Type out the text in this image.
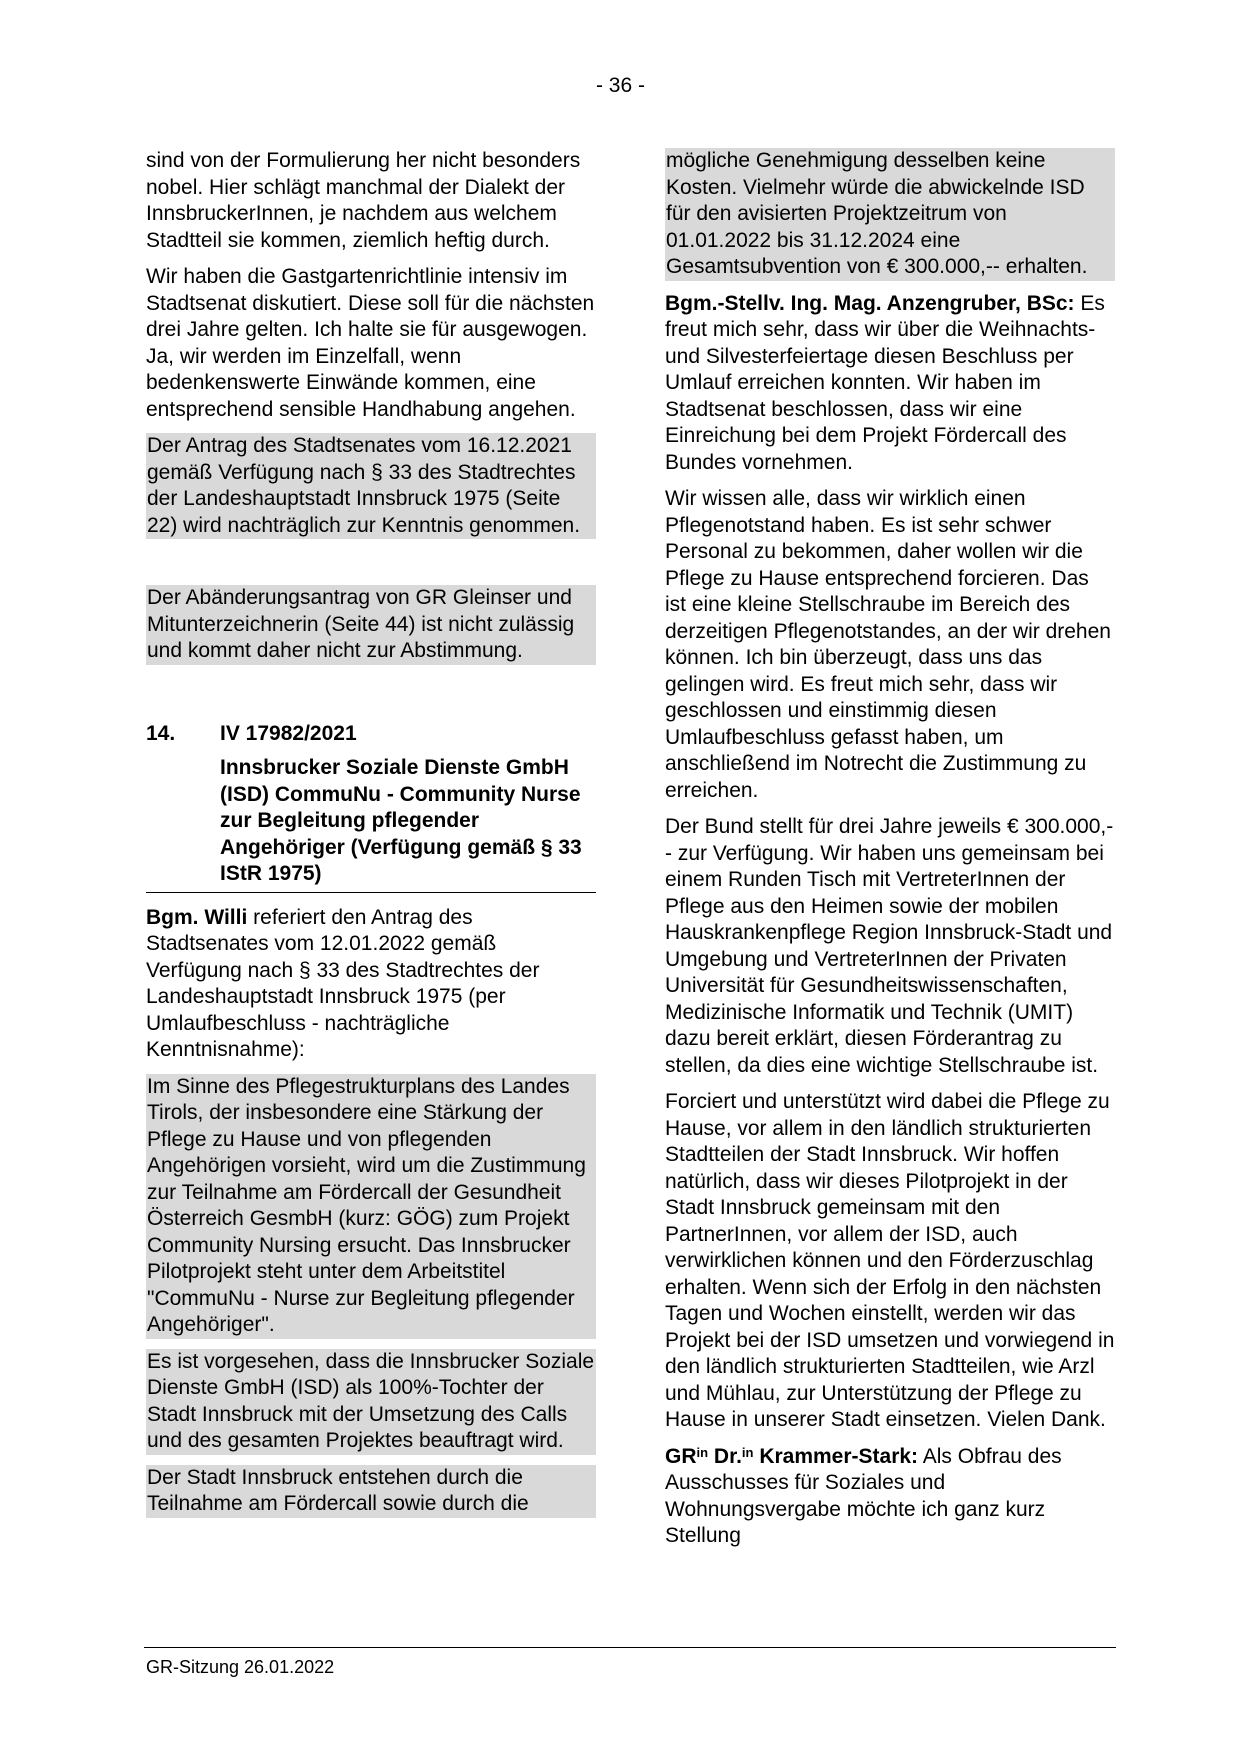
- 36 -

sind von der Formulierung her nicht besonders nobel. Hier schlägt manchmal der Dialekt der InnsbruckerInnen, je nachdem aus welchem Stadtteil sie kommen, ziemlich heftig durch.

Wir haben die Gastgartenrichtlinie intensiv im Stadtsenat diskutiert. Diese soll für die nächsten drei Jahre gelten. Ich halte sie für ausgewogen. Ja, wir werden im Einzelfall, wenn bedenkenswerte Einwände kommen, eine entsprechend sensible Handhabung angehen.

Der Antrag des Stadtsenates vom 16.12.2021 gemäß Verfügung nach § 33 des Stadtrechtes der Landeshauptstadt Innsbruck 1975 (Seite 22) wird nachträglich zur Kenntnis genommen.

Der Abänderungsantrag von GR Gleinser und Mitunterzeichnerin (Seite 44) ist nicht zulässig und kommt daher nicht zur Abstimmung.

14.	IV 17982/2021
Innsbrucker Soziale Dienste GmbH (ISD) CommuNu - Community Nurse zur Begleitung pflegender Angehöriger (Verfügung gemäß § 33 IStR 1975)

Bgm. Willi referiert den Antrag des Stadtsenates vom 12.01.2022 gemäß Verfügung nach § 33 des Stadtrechtes der Landeshauptstadt Innsbruck 1975 (per Umlaufbeschluss - nachträgliche Kenntnisnahme):

Im Sinne des Pflegestrukturplans des Landes Tirols, der insbesondere eine Stärkung der Pflege zu Hause und von pflegenden Angehörigen vorsieht, wird um die Zustimmung zur Teilnahme am Fördercall der Gesundheit Österreich GesmbH (kurz: GÖG) zum Projekt Community Nursing ersucht. Das Innsbrucker Pilotprojekt steht unter dem Arbeitstitel "CommuNu - Nurse zur Begleitung pflegender Angehöriger".

Es ist vorgesehen, dass die Innsbrucker Soziale Dienste GmbH (ISD) als 100%-Tochter der Stadt Innsbruck mit der Umsetzung des Calls und des gesamten Projektes beauftragt wird.

Der Stadt Innsbruck entstehen durch die Teilnahme am Fördercall sowie durch die

mögliche Genehmigung desselben keine Kosten. Vielmehr würde die abwickelnde ISD für den avisierten Projektzeitrum von 01.01.2022 bis 31.12.2024 eine Gesamtsubvention von € 300.000,-- erhalten.

Bgm.-Stellv. Ing. Mag. Anzengruber, BSc: Es freut mich sehr, dass wir über die Weihnachts- und Silvesterfeiertage diesen Beschluss per Umlauf erreichen konnten. Wir haben im Stadtsenat beschlossen, dass wir eine Einreichung bei dem Projekt Fördercall des Bundes vornehmen.

Wir wissen alle, dass wir wirklich einen Pflegenotstand haben. Es ist sehr schwer Personal zu bekommen, daher wollen wir die Pflege zu Hause entsprechend forcieren. Das ist eine kleine Stellschraube im Bereich des derzeitigen Pflegenotstandes, an der wir drehen können. Ich bin überzeugt, dass uns das gelingen wird. Es freut mich sehr, dass wir geschlossen und einstimmig diesen Umlaufbeschluss gefasst haben, um anschließend im Notrecht die Zustimmung zu erreichen.

Der Bund stellt für drei Jahre jeweils € 300.000,-- zur Verfügung. Wir haben uns gemeinsam bei einem Runden Tisch mit VertreterInnen der Pflege aus den Heimen sowie der mobilen Hauskrankenpflege Region Innsbruck-Stadt und Umgebung und VertreterInnen der Privaten Universität für Gesundheitswissenschaften, Medizinische Informatik und Technik (UMIT) dazu bereit erklärt, diesen Förderantrag zu stellen, da dies eine wichtige Stellschraube ist.

Forciert und unterstützt wird dabei die Pflege zu Hause, vor allem in den ländlich strukturierten Stadtteilen der Stadt Innsbruck. Wir hoffen natürlich, dass wir dieses Pilotprojekt in der Stadt Innsbruck gemeinsam mit den PartnerInnen, vor allem der ISD, auch verwirklichen können und den Förderzuschlag erhalten. Wenn sich der Erfolg in den nächsten Tagen und Wochen einstellt, werden wir das Projekt bei der ISD umsetzen und vorwiegend in den ländlich strukturierten Stadtteilen, wie Arzl und Mühlau, zur Unterstützung der Pflege zu Hause in unserer Stadt einsetzen. Vielen Dank.

$GR^{in}$ Dr.$^{in}$ Krammer-Stark: Als Obfrau des Ausschusses für Soziales und Wohnungsvergabe möchte ich ganz kurz Stellung

GR-Sitzung 26.01.2022
